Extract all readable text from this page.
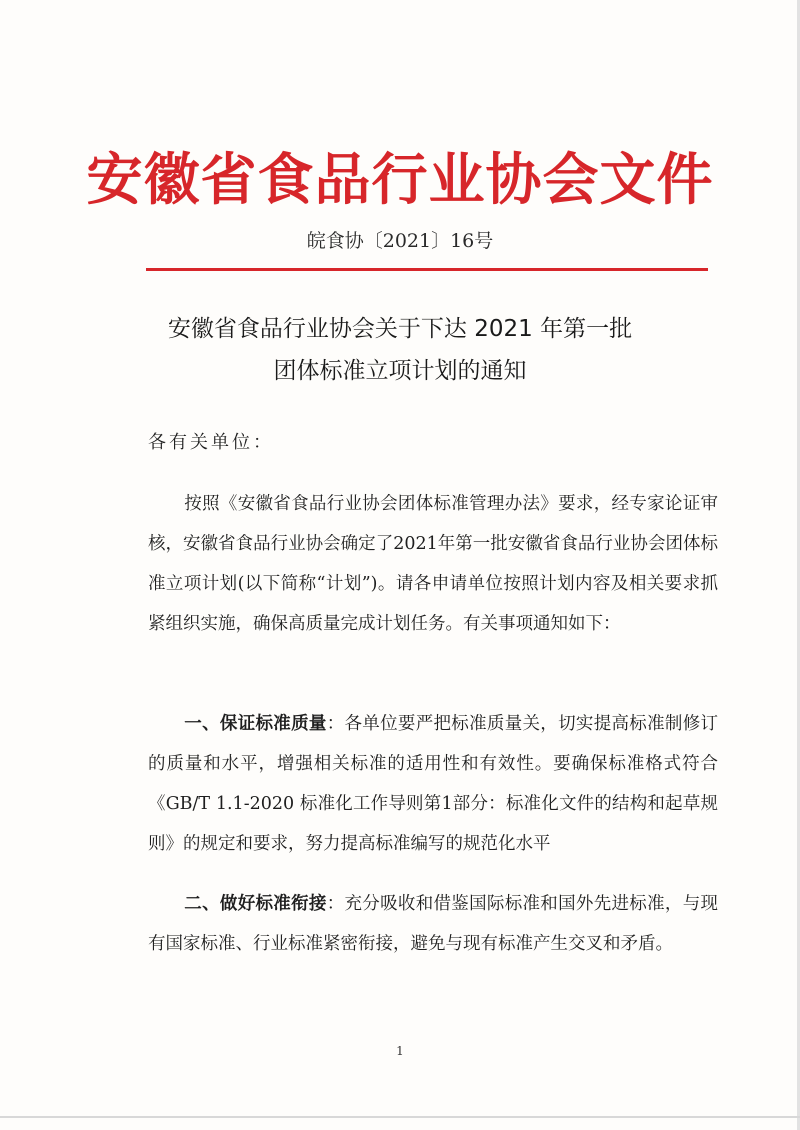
安徽省食品行业协会文件
皖食协〔2021〕16号
安徽省食品行业协会关于下达 2021 年第一批
团体标准立项计划的通知
各有关单位：

按照《安徽省食品行业协会团体标准管理办法》要求，经专家论证审核，安徽省食品行业协会确定了2021年第一批安徽省食品行业协会团体标准立项计划(以下简称“计划”)。请各申请单位按照计划内容及相关要求抓紧组织实施，确保高质量完成计划任务。有关事项通知如下：

一、保证标准质量：各单位要严把标准质量关，切实提高标准制修订的质量和水平，增强相关标准的适用性和有效性。要确保标准格式符合《GB/T 1.1-2020 标准化工作导则第1部分：标准化文件的结构和起草规则》的规定和要求，努力提高标准编写的规范化水平

二、做好标准衔接：充分吸收和借鉴国际标准和国外先进标准，与现有国家标准、行业标准紧密衔接，避免与现有标准产生交叉和矛盾。

1
